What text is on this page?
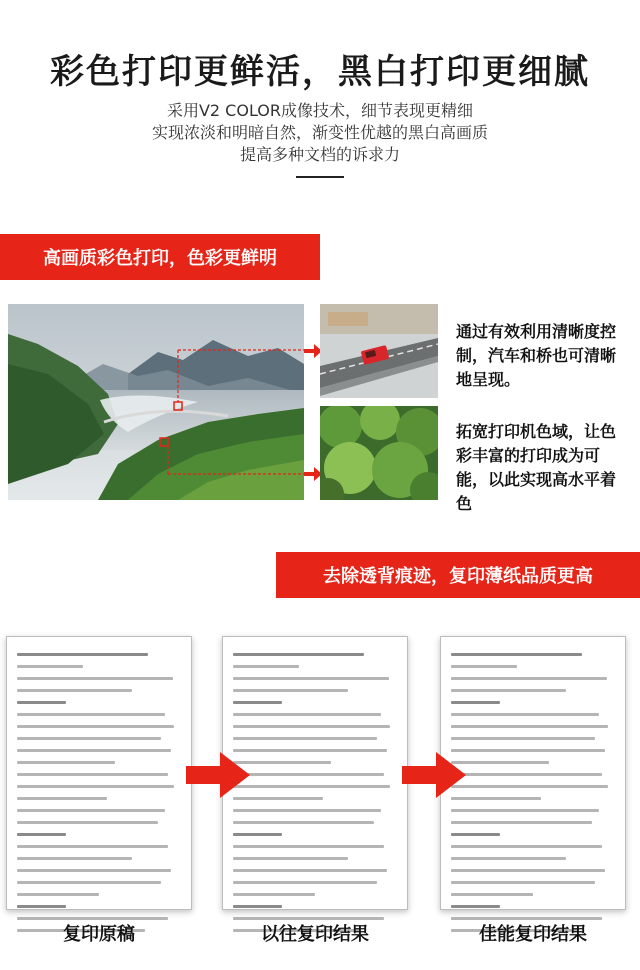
彩色打印更鲜活，黑白打印更细腻
采用V2 COLOR成像技术，细节表现更精细
实现浓淡和明暗自然，渐变性优越的黑白高画质
提高多种文档的诉求力
高画质彩色打印，色彩更鲜明
通过有效利用清晰度控制，汽车和桥也可清晰地呈现。
拓宽打印机色域，让色彩丰富的打印成为可能，以此实现高水平着色
去除透背痕迹，复印薄纸品质更高
复印原稿	以往复印结果	佳能复印结果
